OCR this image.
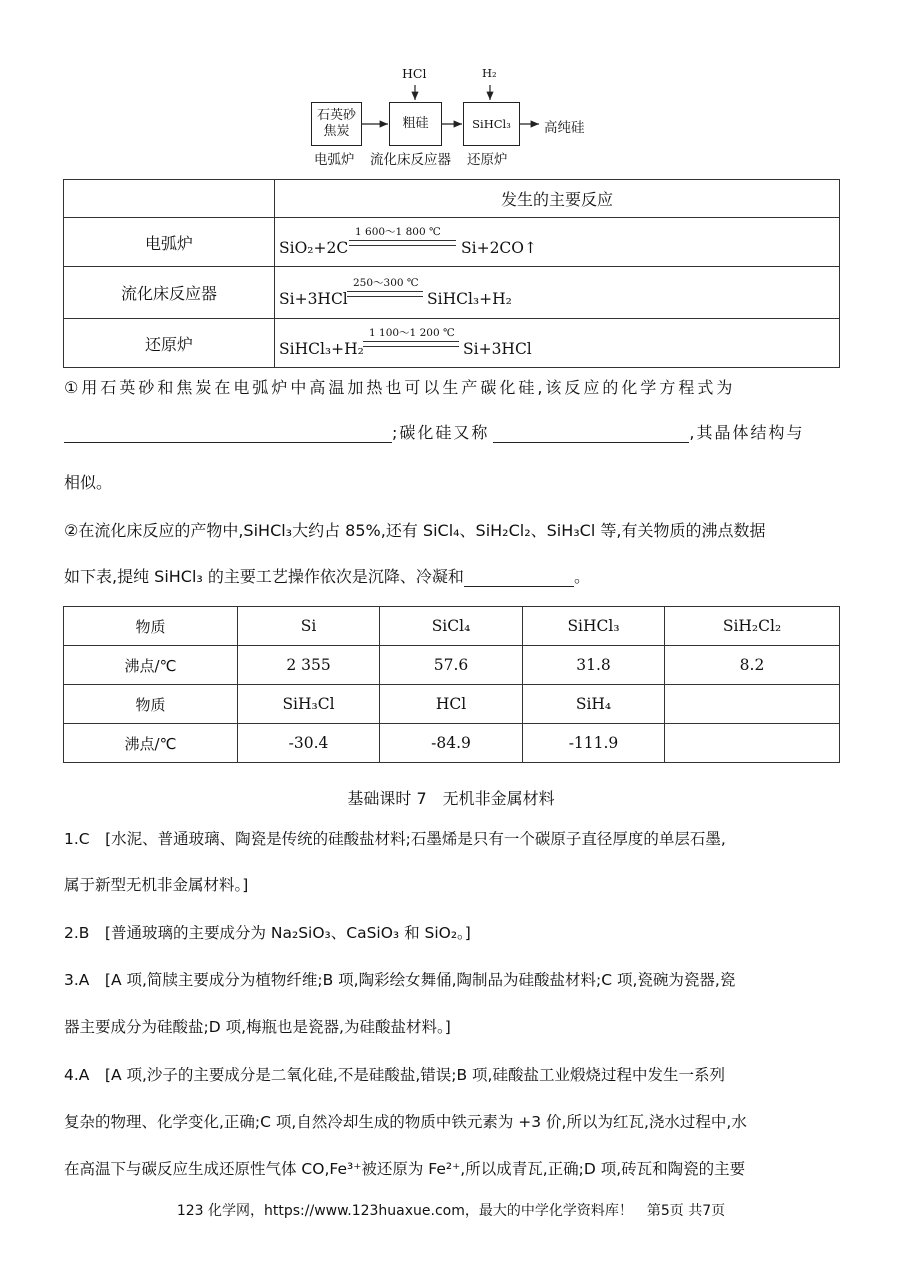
HCl	H₂
石英砂
焦炭
粗硅	SiHCl₃ 高纯硅
电弧炉 流化床反应器 还原炉
	发生的主要反应
电弧炉	SiO₂+2C
1 600～1 800 ℃
Si+2CO↑

流化床反应器	Si+3HCl
250～300 ℃
SiHCl₃+H₂

还原炉	SiHCl₃+H₂
1 100～1 200 ℃
Si+3HCl
①用石英砂和焦炭在电弧炉中高温加热也可以生产碳化硅,该反应的化学方程式为
;碳化硅又称	,其晶体结构与
相似。
②在流化床反应的产物中,SiHCl₃大约占 85%,还有 SiCl₄、SiH₂Cl₂、SiH₃Cl 等,有关物质的沸点数据
如下表,提纯 SiHCl₃ 的主要工艺操作依次是沉降、冷凝和	。
物质	Si	SiCl₄	SiHCl₃	SiH₂Cl₂
沸点/℃	2 355	57.6	31.8	8.2
物质	SiH₃Cl	HCl	SiH₄	
沸点/℃	-30.4	-84.9	-111.9	
基础课时 7　无机非金属材料
1.C　[水泥、普通玻璃、陶瓷是传统的硅酸盐材料;石墨烯是只有一个碳原子直径厚度的单层石墨,
属于新型无机非金属材料。]
2.B　[普通玻璃的主要成分为 Na₂SiO₃、CaSiO₃ 和 SiO₂。]
3.A　[A 项,简牍主要成分为植物纤维;B 项,陶彩绘女舞俑,陶制品为硅酸盐材料;C 项,瓷碗为瓷器,瓷
器主要成分为硅酸盐;D 项,梅瓶也是瓷器,为硅酸盐材料。]
4.A　[A 项,沙子的主要成分是二氧化硅,不是硅酸盐,错误;B 项,硅酸盐工业煅烧过程中发生一系列
复杂的物理、化学变化,正确;C 项,自然冷却生成的物质中铁元素为 +3 价,所以为红瓦,浇水过程中,水
在高温下与碳反应生成还原性气体 CO,Fe³⁺被还原为 Fe²⁺,所以成青瓦,正确;D 项,砖瓦和陶瓷的主要
123 化学网，https://www.123huaxue.com，最大的中学化学资料库！　第5页 共7页
